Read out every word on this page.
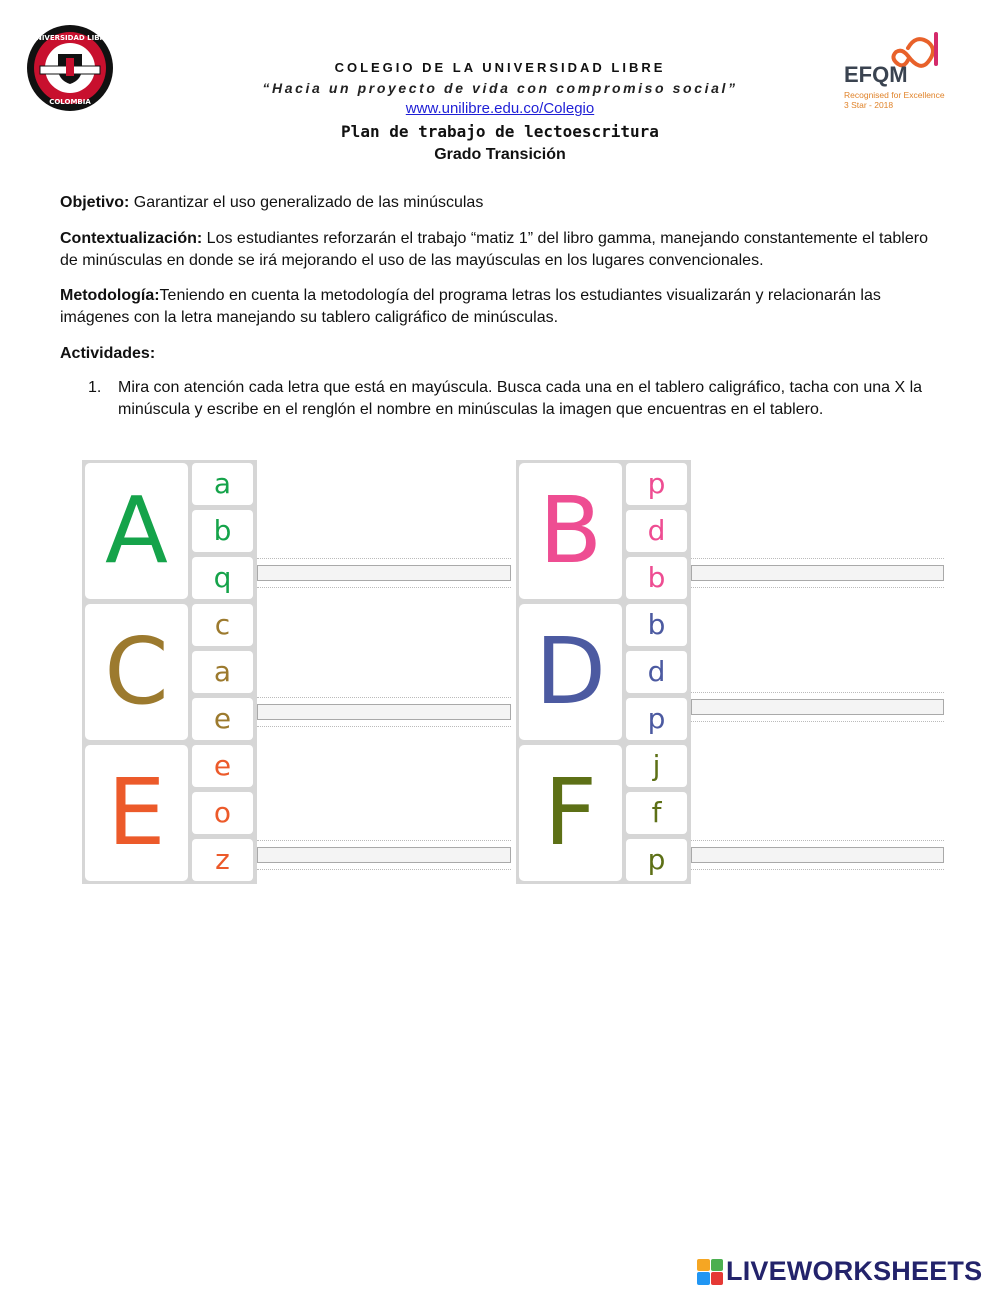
UNIVERSIDAD LIBRE
COLOMBIA
EFQM
Recognised for Excellence
3 Star - 2018
COLEGIO DE LA UNIVERSIDAD LIBRE
“Hacia un proyecto de vida con compromiso social”
www.unilibre.edu.co/Colegio
Plan de trabajo de lectoescritura
Grado Transición
Objetivo: Garantizar el uso generalizado de las minúsculas
Contextualización: Los estudiantes reforzarán el trabajo “matiz 1” del libro gamma, manejando constantemente el tablero de minúsculas en donde se irá mejorando el uso de las mayúsculas en los lugares convencionales.
Metodología:Teniendo en cuenta la metodología del programa letras los estudiantes visualizarán y relacionarán las imágenes con la letra manejando su tablero caligráfico de minúsculas.
Actividades:
1. Mira con atención cada letra que está en mayúscula. Busca cada una en el tablero caligráfico, tacha con una X la minúscula y escribe en el renglón el nombre en minúsculas la imagen que encuentras en el tablero.
A	a
b
q	B	p
d
b
C	c
a
e	D	b
d
p
E	e
o
z	F	j
f
p
LIVEWORKSHEETS
